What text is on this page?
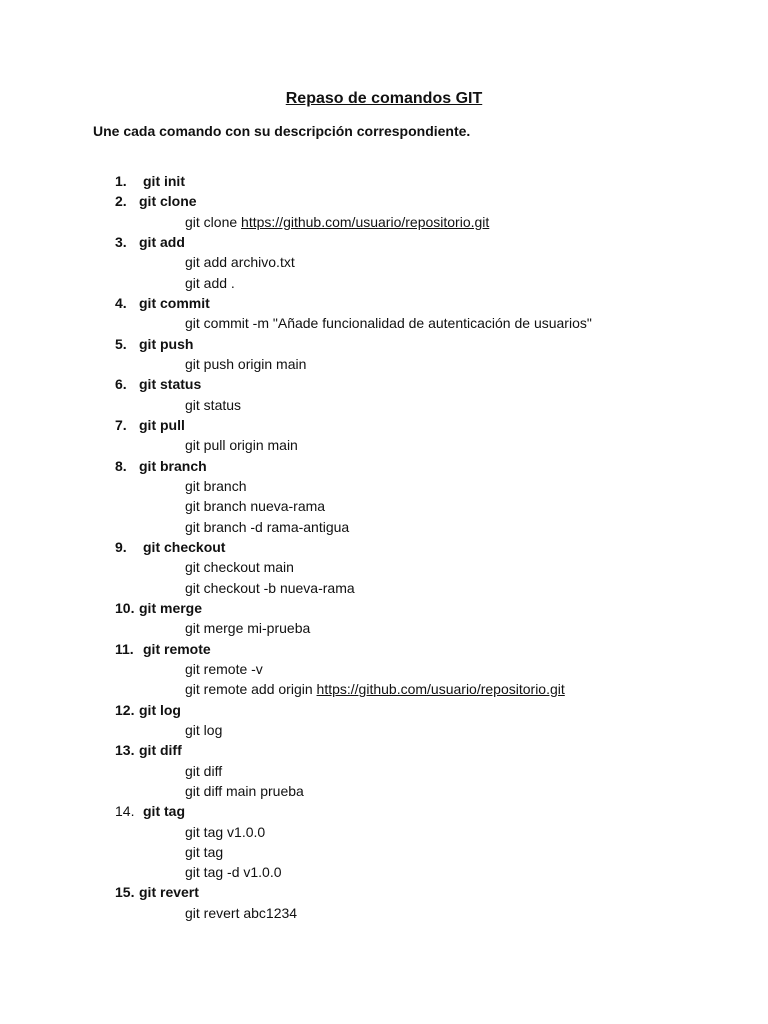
Repaso de comandos GIT
Une cada comando con su descripción correspondiente.
1. git init
2. git clone
git clone https://github.com/usuario/repositorio.git
3. git add
git add archivo.txt
git add .
4. git commit
git commit -m "Añade funcionalidad de autenticación de usuarios"
5. git push
git push origin main
6. git status
git status
7. git pull
git pull origin main
8. git branch
git branch
git branch nueva-rama
git branch -d rama-antigua
9. git checkout
git checkout main
git checkout -b nueva-rama
10. git merge
git merge mi-prueba
11. git remote
git remote -v
git remote add origin https://github.com/usuario/repositorio.git
12. git log
git log
13. git diff
git diff
git diff main prueba
14. git tag
git tag v1.0.0
git tag
git tag -d v1.0.0
15. git revert
git revert abc1234
